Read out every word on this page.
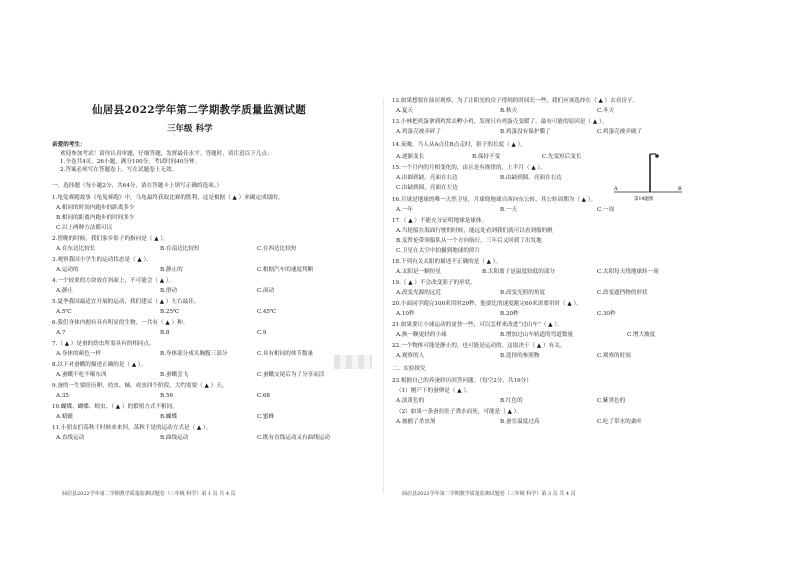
仙居县2022学年第二学期教学质量监测试题
三年级 科学
亲爱的考生：
欢迎参加考试！请你认真审题，仔细答题，发挥最佳水平。答题时，请注意以下几点：
1.全卷共4页，26小题，满分100分。考试时间40分钟。
2.答案必须写在答题卷上，写在试题卷上无效。
一、选择题（每小题2分，共64分，请在答题卡上填写正确的选项。）
1.龟兔赛跑故事《龟兔赛跑》中，乌龟最终获取比赛的胜利，这是根据（ ▲ ）来确定成绩的。
A.相同的时间内跑步的距离多少
B.相同的距离内跑步的时间多少
C.以上两种方法都可以
2.傍晚的时候，我们家乡影子的指向是（ ▲ ）。
A.在东边比较长	B.在南边比较短	C.在西边比较短
3.观察我国小学生的运动状态是（ ▲ ）。
A.运动的	B.静止的	C.根据汽车的速度判断
4.一个较重的方块放在斜面上，不可能会（ ▲ ）。
A.静止	B.滑动	C.滚动
5.夏季我国最适宜开展的运动，我们建议（ ▲ ）左右最佳。
A.5℃	B.25℃	C.45℃
6.我们身体内拥有具有明显的生物，一共有（ ▲ ）种。
A.7	B.8	C.9
7.（ ▲ ）是蚕的幼虫所需具有的相同点。
A.身体的颜色一样	B.身体部分成头胸腹三部分	C.具有相同的体节数量
8.以下对蚕蛾的描述正确的是（ ▲ ）。
A.蚕蛾不吃不喝东西	B.蚕蛾会飞	C.蚕蛾交尾后为了分享而活
9.蚕的一生要经历卵、幼虫、蛹、成虫四个阶段，大约需要（ ▲ ）天。
A.35	B.56	C.68
10.蝴蝶、蝴蝶、蝗虫、（ ▲ ）的繁殖方式不相同。
A.蜻蜓	B.蝴蝶	C.蜜蜂
11.小朋友们荡秋千时候来来回，荡秋千是的运动方式是（ ▲ ）。
A.直线运动	B.曲线运动	C.既有直线运动又有曲线运动
仙居县2022学年第二学期教学质量监测试题卷（三年级 科学）第 1 页 共 4 页
12.如果想要在仙居观察，为了让阳光的房子得到的时间长一些，我们应该选择在（ ▲ ）去看房子。
A.夏天	B.秋天	C.冬天
13.小林把鸡蛋拿到鸡窝去孵小鸡，发现只有鸡蛋壳变暖了，最有可能的原因是（ ▲ ）。
A.鸡蛋壳被弄碎了	B.鸡蛋没有保护膜了	C.鸡蛋壳被弄破了
14.夜晚，当人从A点往B点走时，影子的长度（ ▲ ）。
A.逐渐变长	B.保持不变	C.先变短后变长
A	B
第14题图
15.一个月内的月相变化的，由且是有规律的，上半月（ ▲ ）。
A.由圆到缺，亮面在右边	B.由缺到圆，亮面在右边
C.由缺到圆，亮面在左边
16.月球是地球的唯一天然卫星，月球绕地球自西向东公转，其公转周期为（ ▲ ）。
A.一年	B.一天	C.一周
17.（ ▲ ）不能充分证明地球是球体。
A.当轮船在海面行驶的时候，能远处看到我们就可以看到船的帆
B.麦哲伦带领船队从一个方向航行，三年后又回到了出发地
C.卫星在太空中拍摄到地球的照片
18.下列有关太阳的描述不正确的是（ ▲ ）。
A.太阳是一颗恒星	B.太阳离子是温度较低的部分	C.太阳每天绕地球转一周
19.（ ▲ ）不会改变影子的形状。
A.改变光源的远近	B.改变光照的角度	C.改变遮挡物的形状
20.小面同学跑完100米用时20秒，他要比的速度跑完60米需要用时（ ▲ ）。
A.10秒	B.20秒	C.30秒
21.如果要让小球运动的更快一些，可以怎样来改进“过山车”（ ▲ ）。
A.换一颗更轻的小球	B.增加过山车轨道的弯道数量	C.增大坡度
22.一个物体可能是静止的，也可能是运动的，这取决于（ ▲ ）有关。
A.观察的人	B.选择的参照物	C.观察的时间
二、实验探究
23.根据自己的养蚕经历回答问题。（每空2分，共16分）
（1）刚产下的蚕卵是（ ▲ ）。
A.淡黄色的	B.红色的	C.紫黑色的
（2）如果一条蚕拉肚子粪水而死，可能是（ ▲ ）。
A.被捕了杀虫剂	B.蚕室温度过高	C.吃了带水的桑叶
仙居县2022学年第二学期教学质量监测试题卷（三年级 科学）第 3 页 共 4 页
